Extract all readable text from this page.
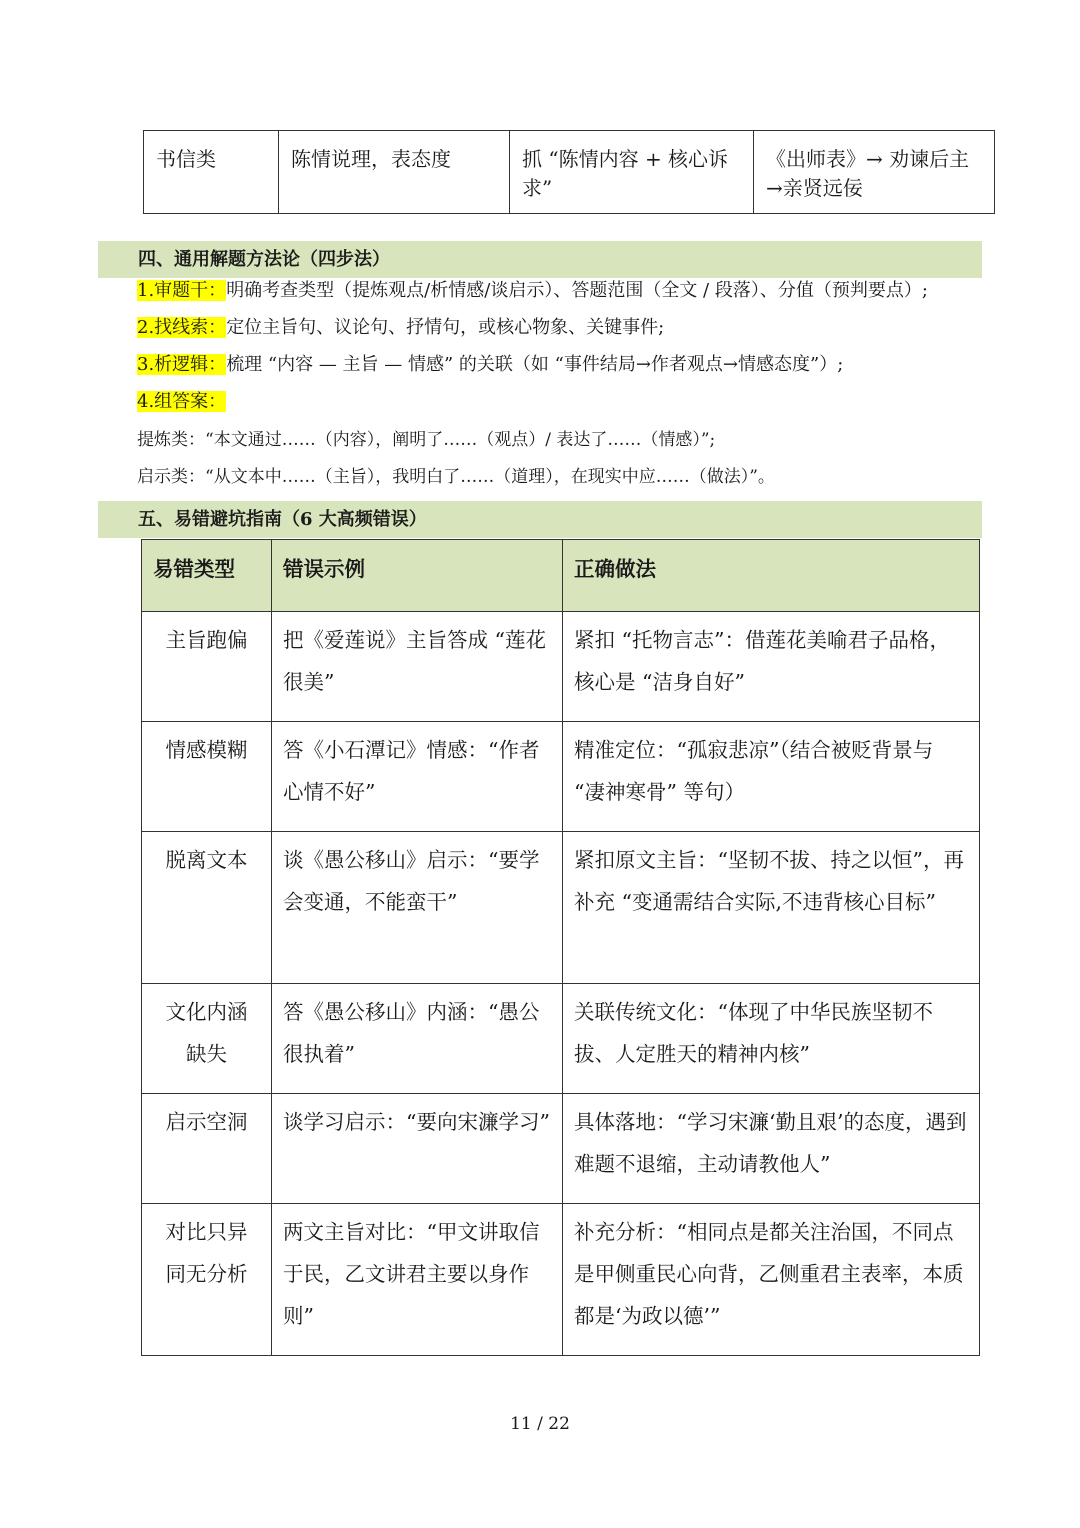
书信类	陈情说理，表态度	抓 “陈情内容 + 核心诉求”	《出师表》→ 劝谏后主→亲贤远佞
四、通用解题方法论（四步法）
1.审题干：明确考查类型（提炼观点/析情感/谈启示）、答题范围（全文 / 段落）、分值（预判要点）;
2.找线索：定位主旨句、议论句、抒情句，或核心物象、关键事件;
3.析逻辑：梳理 “内容 — 主旨 — 情感” 的关联（如 “事件结局→作者观点→情感态度”）;
4.组答案：
提炼类：“本文通过……（内容），阐明了……（观点）/ 表达了……（情感）”;
启示类：“从文本中……（主旨），我明白了……（道理），在现实中应……（做法）”。
五、易错避坑指南（6 大高频错误）
易错类型	错误示例	正确做法
主旨跑偏	把《爱莲说》主旨答成 “莲花很美”	紧扣 “托物言志”：借莲花美喻君子品格，核心是 “洁身自好”
情感模糊	答《小石潭记》情感：“作者心情不好”	精准定位：“孤寂悲凉”（结合被贬背景与 “凄神寒骨” 等句）
脱离文本	谈《愚公移山》启示：“要学会变通，不能蛮干”	紧扣原文主旨：“坚韧不拔、持之以恒”，再补充 “变通需结合实际,不违背核心目标”
文化内涵缺失	答《愚公移山》内涵：“愚公很执着”	关联传统文化：“体现了中华民族坚韧不拔、人定胜天的精神内核”
启示空洞	谈学习启示：“要向宋濂学习”	具体落地：“学习宋濂‘勤且艰’的态度，遇到难题不退缩，主动请教他人”
对比只异同无分析	两文主旨对比：“甲文讲取信于民，乙文讲君主要以身作则”	补充分析：“相同点是都关注治国，不同点是甲侧重民心向背，乙侧重君主表率，本质都是‘为政以德’”
11 / 22
